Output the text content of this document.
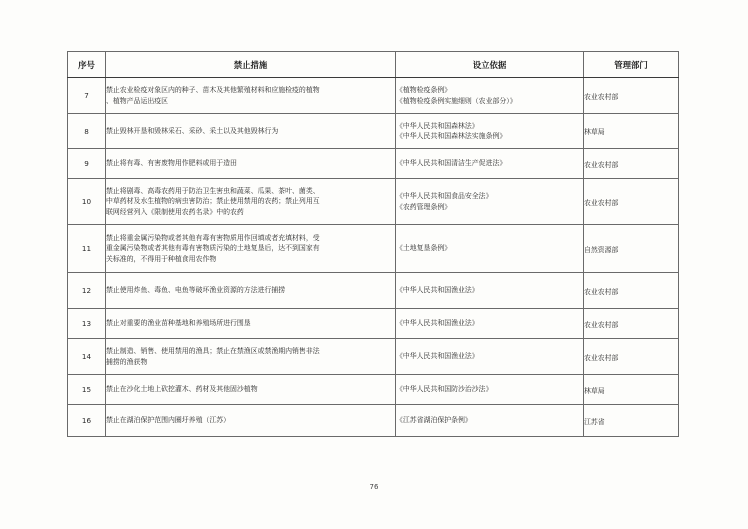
序号	禁止措施	设立依据	管理部门
7	禁止农业检疫对象区内的种子、苗木及其他繁殖材料和应施检疫的植物
、植物产品运出疫区	《植物检疫条例》
《植物检疫条例实施细则（农业部分）》	农业农村部
8	禁止毁林开垦和毁林采石、采砂、采土以及其他毁林行为	《中华人民共和国森林法》
《中华人民共和国森林法实施条例》	林草局
9	禁止将有毒、有害废物用作肥料或用于造田	《中华人民共和国清洁生产促进法》	农业农村部
10	禁止将剧毒、高毒农药用于防治卫生害虫和蔬菜、瓜果、茶叶、菌类、
中草药材及水生植物的病虫害防治；禁止使用禁用的农药；禁止列用互
联网经营列入《限制使用农药名录》中的农药	《中华人民共和国食品安全法》
《农药管理条例》	农业农村部
11	禁止将重金属污染物或者其他有毒有害物质用作回填或者充填材料，受
重金属污染物或者其他有毒有害物质污染的土地复垦后，达不到国家有
关标准的，不得用于种植食用农作物	《土地复垦条例》	自然资源部
12	禁止使用炸鱼、毒鱼、电鱼等破坏渔业资源的方法进行捕捞	《中华人民共和国渔业法》	农业农村部
13	禁止对重要的渔业苗种基地和养殖场所进行围垦	《中华人民共和国渔业法》	农业农村部
14	禁止制造、销售、使用禁用的渔具；禁止在禁渔区或禁渔期内销售非法
捕捞的渔获物	《中华人民共和国渔业法》	农业农村部
15	禁止在沙化土地上砍挖灌木、药材及其他固沙植物	《中华人民共和国防沙治沙法》	林草局
16	禁止在湖泊保护范围内圈圩养殖（江苏）	《江苏省湖泊保护条例》	江苏省
76
